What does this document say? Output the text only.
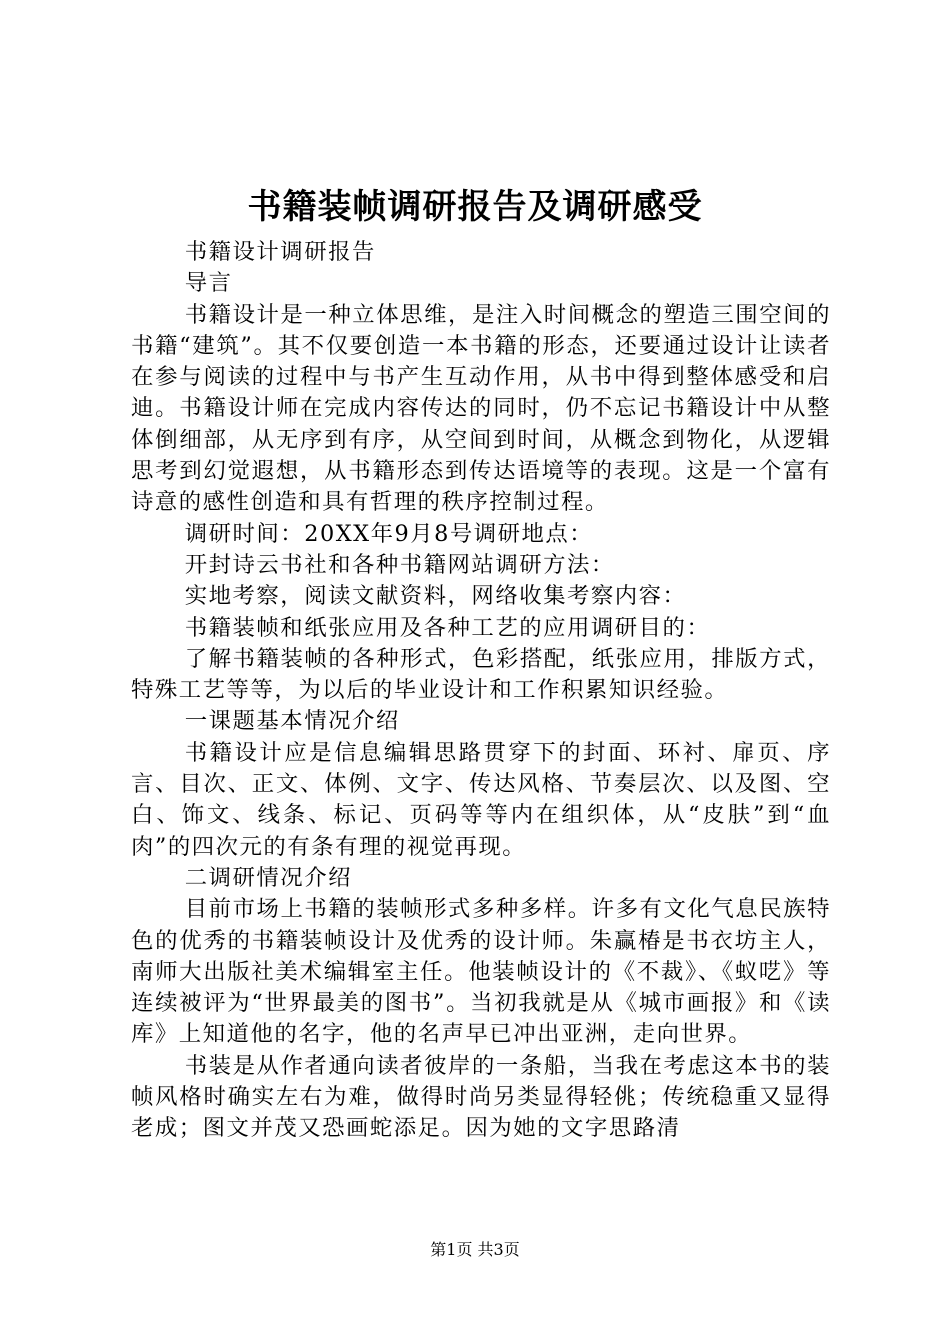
书籍装帧调研报告及调研感受

书籍设计调研报告

导言

书籍设计是一种立体思维，是注入时间概念的塑造三围空间的书籍“建筑”。其不仅要创造一本书籍的形态，还要通过设计让读者在参与阅读的过程中与书产生互动作用，从书中得到整体感受和启迪。书籍设计师在完成内容传达的同时，仍不忘记书籍设计中从整体倒细部，从无序到有序，从空间到时间，从概念到物化，从逻辑思考到幻觉遐想，从书籍形态到传达语境等的表现。这是一个富有诗意的感性创造和具有哲理的秩序控制过程。

调研时间：20XX年9月8号调研地点：

开封诗云书社和各种书籍网站调研方法：

实地考察，阅读文献资料，网络收集考察内容：

书籍装帧和纸张应用及各种工艺的应用调研目的：

了解书籍装帧的各种形式，色彩搭配，纸张应用，排版方式，特殊工艺等等，为以后的毕业设计和工作积累知识经验。

一课题基本情况介绍

书籍设计应是信息编辑思路贯穿下的封面、环衬、扉页、序言、目次、正文、体例、文字、传达风格、节奏层次、以及图、空白、饰文、线条、标记、页码等等内在组织体，从“皮肤”到“血肉”的四次元的有条有理的视觉再现。

二调研情况介绍

目前市场上书籍的装帧形式多种多样。许多有文化气息民族特色的优秀的书籍装帧设计及优秀的设计师。朱赢椿是书衣坊主人，南师大出版社美术编辑室主任。他装帧设计的《不裁》、《蚁呓》等连续被评为“世界最美的图书”。当初我就是从《城市画报》和《读库》上知道他的名字，他的名声早已冲出亚洲，走向世界。

书装是从作者通向读者彼岸的一条船，当我在考虑这本书的装帧风格时确实左右为难，做得时尚另类显得轻佻；传统稳重又显得老成；图文并茂又恐画蛇添足。因为她的文字思路清

第1页 共3页
